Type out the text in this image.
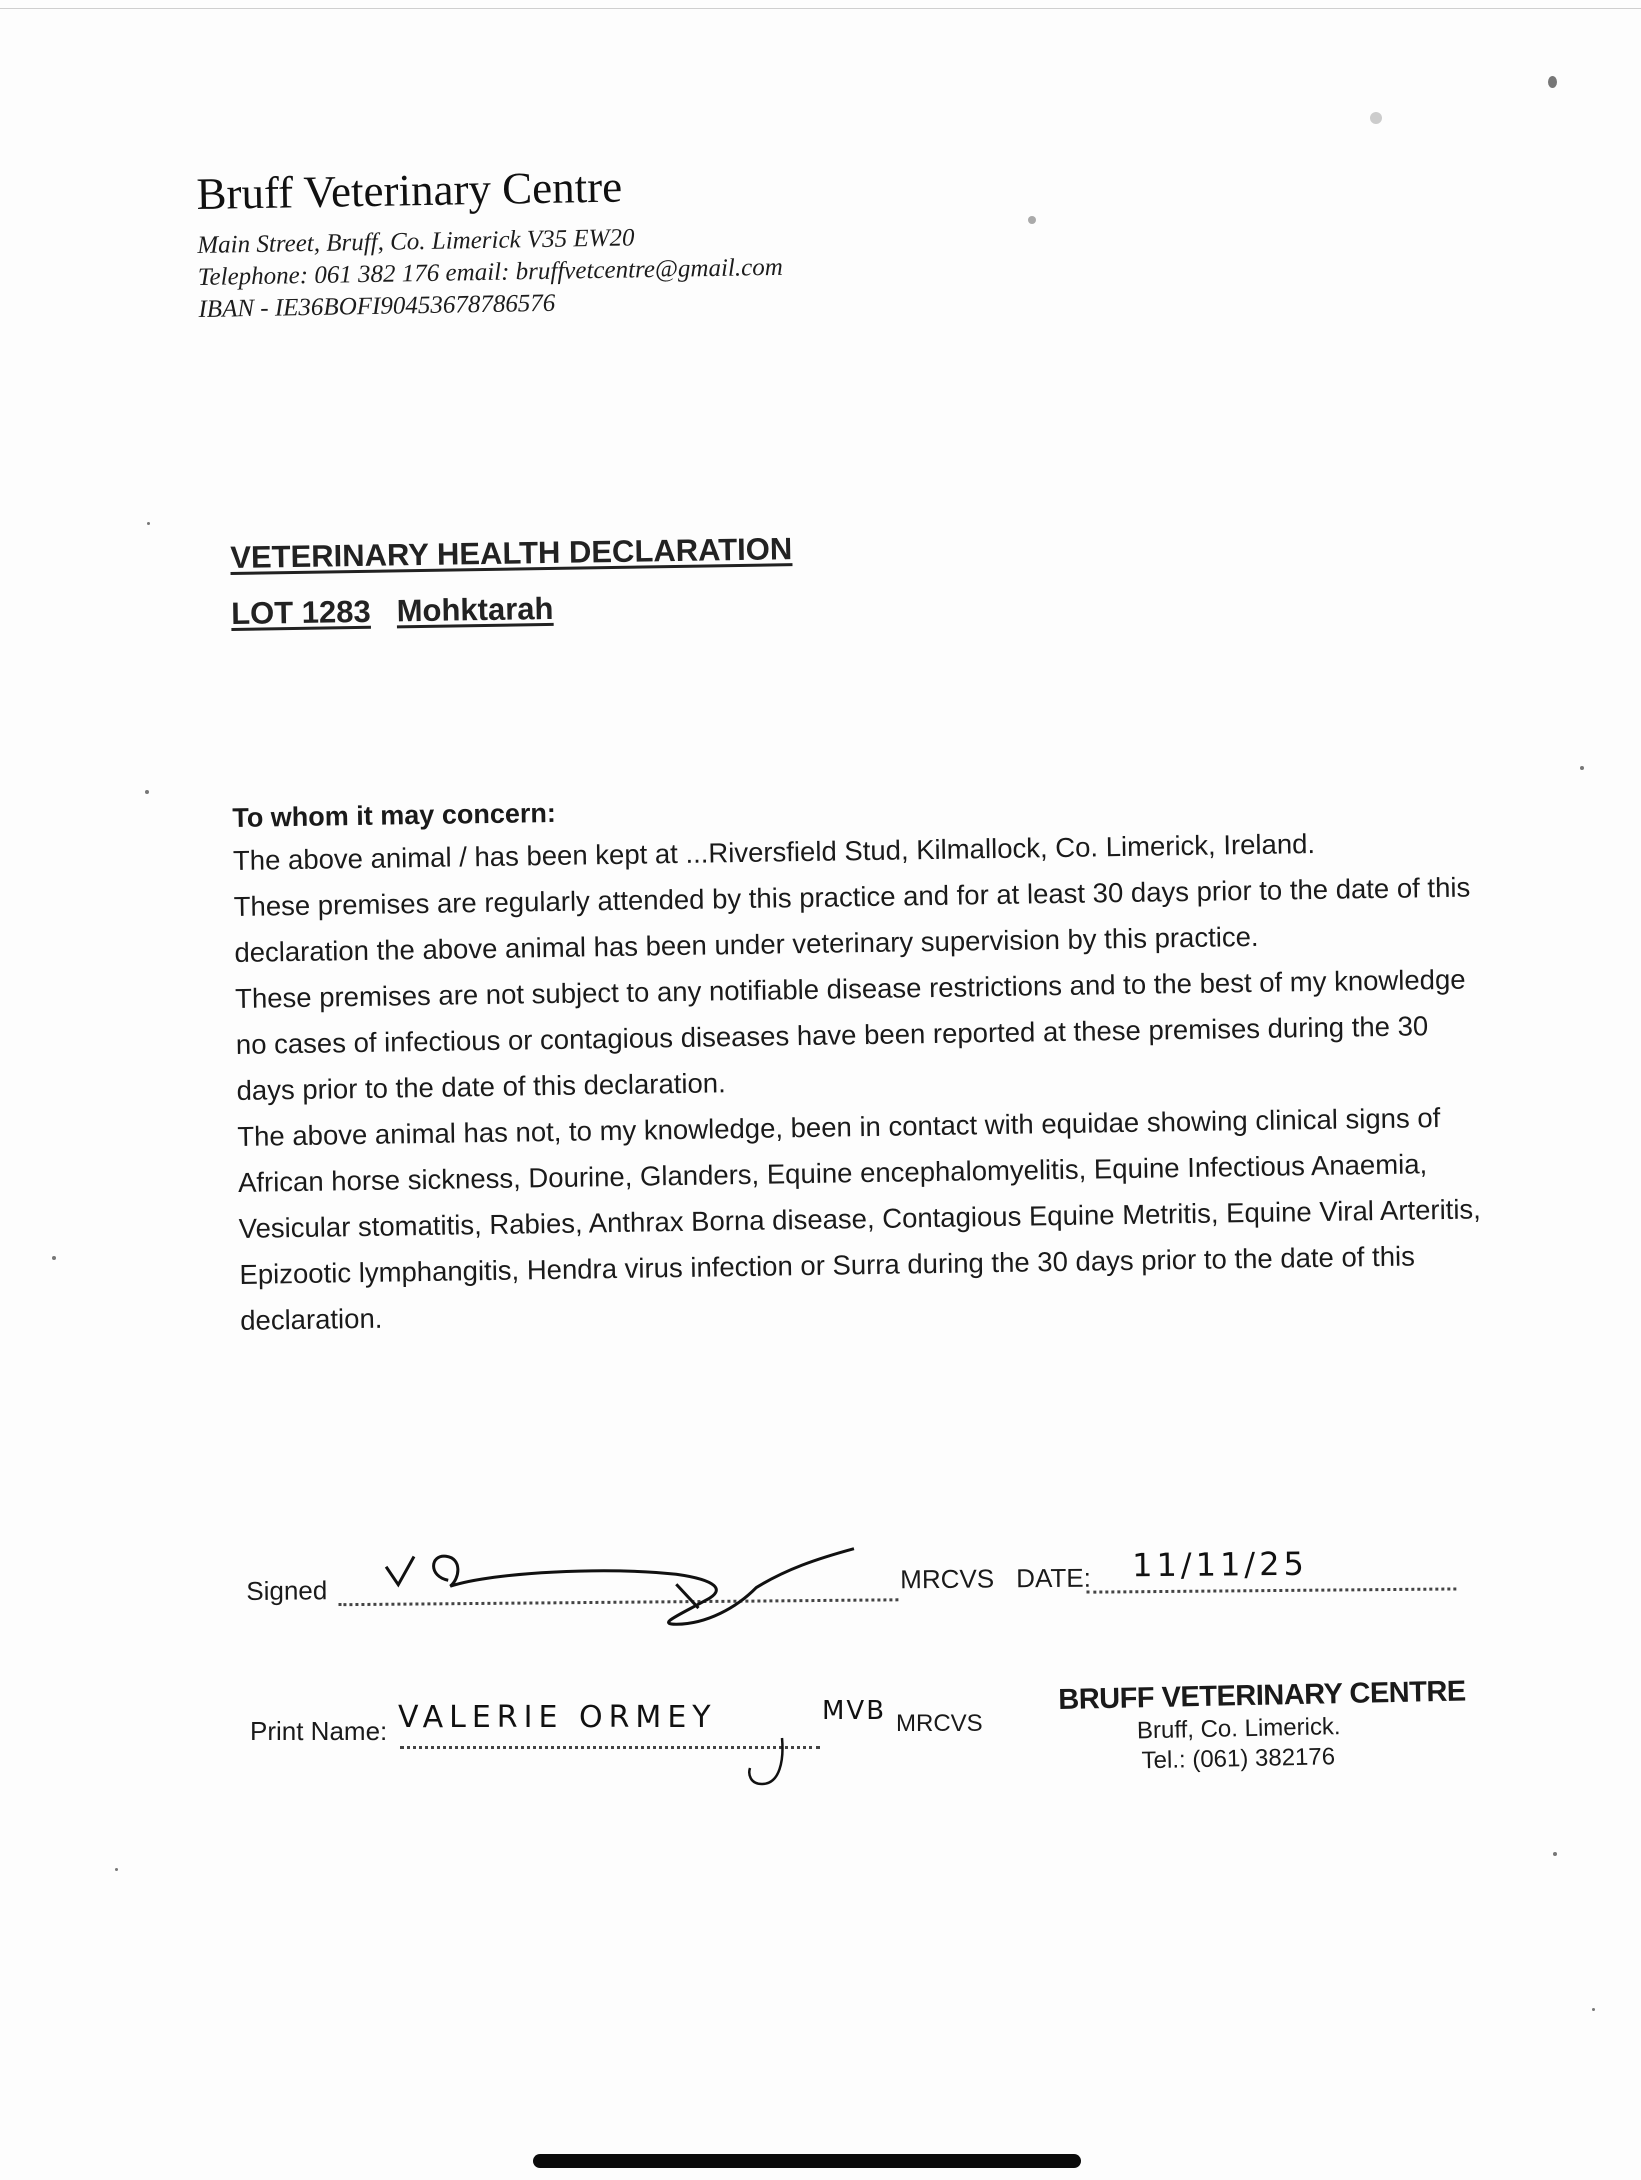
Bruff Veterinary Centre
Main Street, Bruff, Co. Limerick V35 EW20
Telephone: 061 382 176 email: bruffvetcentre@gmail.com
IBAN - IE36BOFI90453678786576
VETERINARY HEALTH DECLARATION
LOT 1283 Mohktarah
To whom it may concern:

The above animal / has been kept at ...Riversfield Stud, Kilmallock, Co. Limerick, Ireland.

These premises are regularly attended by this practice and for at least 30 days prior to the date of this

declaration the above animal has been under veterinary supervision by this practice.

These premises are not subject to any notifiable disease restrictions and to the best of my knowledge

no cases of infectious or contagious diseases have been reported at these premises during the 30

days prior to the date of this declaration.

The above animal has not, to my knowledge, been in contact with equidae showing clinical signs of

African horse sickness, Dourine, Glanders, Equine encephalomyelitis, Equine Infectious Anaemia,

Vesicular stomatitis, Rabies, Anthrax Borna disease, Contagious Equine Metritis, Equine Viral Arteritis,

Epizootic lymphangitis, Hendra virus infection or Surra during the 30 days prior to the date of this

declaration.

Signed	MRCVS DATE: 11/11/25
Print Name: VALERIE ORMEY	MVB MRCVS
BRUFF VETERINARY CENTRE
Bruff, Co. Limerick.
Tel.: (061) 382176
